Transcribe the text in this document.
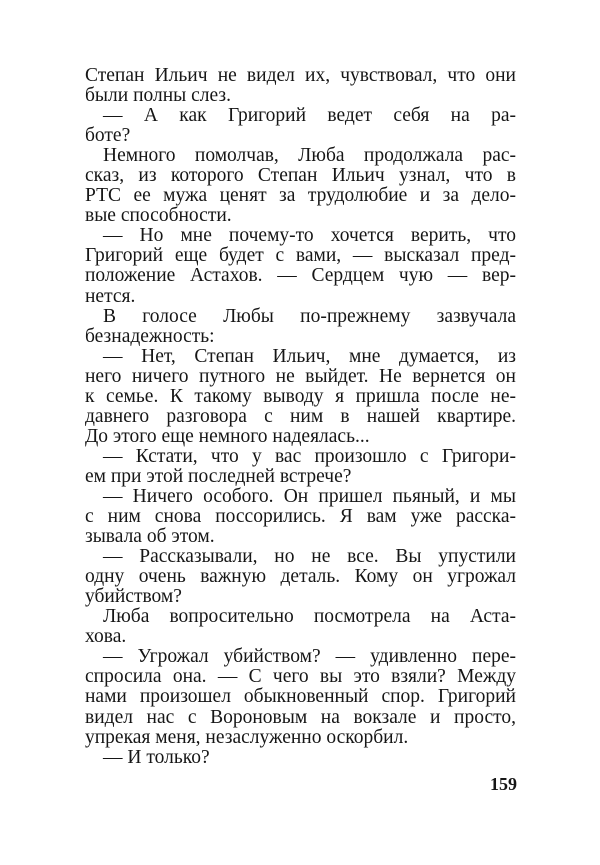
Степан Ильич не видел их, чувствовал, что они
были полны слез.
— А как Григорий ведет себя на ра-
боте?
Немного помолчав, Люба продолжала рас-
сказ, из которого Степан Ильич узнал, что в
РТС ее мужа ценят за трудолюбие и за дело-
вые способности.
— Но мне почему-то хочется верить, что
Григорий еще будет с вами, — высказал пред-
положение Астахов. — Сердцем чую — вер-
нется.
В голосе Любы по-прежнему зазвучала
безнадежность:
— Нет, Степан Ильич, мне думается, из
него ничего путного не выйдет. Не вернется он
к семье. К такому выводу я пришла после не-
давнего разговора с ним в нашей квартире.
До этого еще немного надеялась...
— Кстати, что у вас произошло с Григори-
ем при этой последней встрече?
— Ничего особого. Он пришел пьяный, и мы
с ним снова поссорились. Я вам уже расска-
зывала об этом.
— Рассказывали, но не все. Вы упустили
одну очень важную деталь. Кому он угрожал
убийством?
Люба вопросительно посмотрела на Аста-
хова.
— Угрожал убийством? — удивленно пере-
спросила она. — С чего вы это взяли? Между
нами произошел обыкновенный спор. Григорий
видел нас с Вороновым на вокзале и просто,
упрекая меня, незаслуженно оскорбил.
— И только?
159
